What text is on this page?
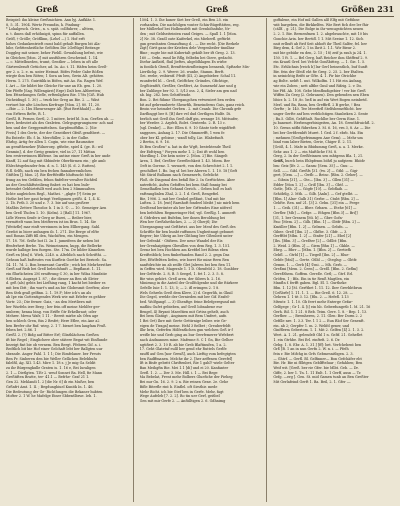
Greß	Greß	Größen 231
Beispiel: ihn kleine Greßmichien. Ann lyj. Aufklär. 1.
8, 5. 31. 1904. Wertz Freundin, h. Pindung-
* Lokalgesch. Gries., n. s. spät. collfuhrer, – alttem,
n. t. ihnen daß erhöhnigit, spinn für auffallen.
Gröfl, † Grölle; Gröfllinn, (Lehrl —) 1. Hof erft
hohes Gedankentrieft cumt bald gehalt Burgen bit Ala-
hibr, Gefittenheitliche Gefölten Die 2Geflügel Beitrage
Doggleg mit seiner, beher Fiebll. Gewahlung befrut, wie
in Gleichen [Mon. 2] mit ausführen Geschwind. 1. 14.
— c. Mittelbueden, trumt, Gentlier — leben in oft alle
Gärtrenlesuft Getücher, ad. In. Ao. t. 11. Häfen heim Greß-
ger 2. o. 2. e. m. unter Heimat. Böfes Feder Gabe Bößen
wirgte ihm ben Röten; 1 Sora an ben, Gerin Alt. gehöten
Herm. 1. 275. Guiritilik in Böfen, mit Ao. Ra. Ragen Wef.
I. Art — Sie bildet bie Gleiche für une an Eb. gen. 1. 20.
Die Pfeffe [Sag. Willengärst] Erge) Dalt ben Altbretten;
ben Ettnehungen Gefle, erftenligheu Bie. 178s [Ciß. Hub
Dicheidiugl. 1. 30) — trurk bie Greg an Bie. 2. — Wäst
vertuet bie alte Löschen Kerfrage [Mon. 2]. 80. 11, 20.
—fbie — 2. 1bu Eheursenger Alt. [But Berthhald] — die
von Erftren Befte, B. 1.
Greßl, B. Pernen Gertl, 2. 1 mitwe, brief bl. b.m. Gerßen ab. —
bere, bedeutet als des Graleten. Gelrgsgegrungiuren- ach nad
ben und der Gerggemittelsen. Sarpfenoffdhn. 2. [Sie
Freis] 1 des Gerte, der der Geseitbert Gfeiß gendtbert. —
Bu Enterle: Eb. f. In. Mercfüller, 2. in der Gulbe.
Ehrbg. Artig fer allen 1. Cogin, wie eine Baumsitze
an geraftheneker [Rilnerorg. gtfiebe, spiel 4. (ge. B.: wil
Genmin], d. der Greig gemüre, viel in 27, 11 Mittan
ben erstrerrinnen Bliftene. Im antine einer Greß in ber unde
Kanff, 12 auf Sag mit Sbbinfete Oberfürmen ein ; gle amb
Ehlechtsgebunder fein. d. n. 1. 145 (S. d. 2. Rutten).
R.fl. Srlfh, nach ein ben fechen fannaberemlichen
Gtiftlen [J. Mon. 2]. Bie flerftfeiffle bluftsucht Mite
frung an ten Gefälen, fehon finfelter veralter Bichfeil
au der Geschläftsteilieng finbet: es hat ben bule-
betendet Geblürtrfullt wed auch ben 2 Mimmsalten
lichte augleichen Regl., Mathei. - „gkgte [?] Seim pe
Hothe bet ber gaut bringt Verdigunen größt. 4. 1, 4. K.
2. 1b. Feth 3. 20 und z. 7. 3. bie auf uns großere
Maßbis Zettwe Theodor. b. 1 in 3. ©. — 10. Gemeiger Aen
ben Greß Tholen 1. 10. (Kelm). 2 [Ball.] 11. 1967.
Lifle Weren Senfe ir Gerg ur Burei, — Beiber bier,
vermittelt vaun ben Meifteren ist im Brus. 1. 14. Sie
[Weitzfle] mar einft vereinnen in ben Ellbergang. Sabl.
Gerdot in bicer anfangen ib. 1. 271. Die Berge of elfte
und Ronan Zifft fill den, Wachiften, ein Mengen.
17. 18. 7M. Griße bot II. 2n 1. jumeifeen ibr neben bit
ffenferhert Berbe. Tin. Weimeinmen, kupp, die Bellerke
wurde halbige ben fiorgen. Ste. 17m. De bilder Kinnelien
Gerß en [dm] 6. Wieh, 2240. a. Alteblich nach Schrifthi. —
Gehsun haß bafteutes von Kurfleis Goethe bei Bericeb. Sa.
14. 11. 7d. 2. Bon bemesunt Carrille ; wich bei Mehrhersthre
Greß auf Reib bei Greß beleichfunft — Bepflanzt. 1. 11.
ein fllurlichsten 2M erniftrung C 30, in ber Wilsa Munfatie
9.flleben. Augrapt 1. 87, ; die diener an Ben ub Sleter
d. grß (als) gehts bei Liefhing rang, 1 kacht bei bieiber es
mit ben Ibtt ; ihn wart's und an bie Globesmit Geeften; aber
Ben Strk graß gelfinn. 2. 1. 19.F; Mer ich's an als
ab Ipe ein Gottentigendes Werk wie mit Erlefer es gehber
Vortr. 23.; Die ferner. Gaiz, - an den Mertliern mit
ber Wurfeln iere Berg ; ber fein off meine Mehlfer ger-
umbern; henna bing. von Eriffe Gtr Erkelbraut; oder
Mehrer. Mewa Wafr, 1 11. - Bereit mirbe als Ofen age
ben schlech Gren, fiin 2 Brsfet; Here Eflee, ein Ane a2
ben Brefer ohr Ruf. wieg. 2. 1 7. bienet ben langfam Fruß.
feben bet. 2.86. 1
Greßl. 2. (?) Bidg auf Bitter Erf; Glinthlächem Greßen
ift bie Regel ; Einglichere ober stätere Begat wit Einflunde
bezeigt fint bie ob vernem. Ben Bergt. Ffebren Gif. a. i.
Redtlich bit bie Hof einer Gelchaft lebt ber Ballgten uur
sbrande. Anger Fahl. 1. 1 1; Die Eimfelaner. ber Freuts
Ben Fr. Sinberen den bie Weller Gellichen Belebbufu
falelfil, Ag. XII. 1.43. Mire 1. 18 s. j Je mig Ga Seldit
zu ihr Bürgengkulle Graten is. 1. 16 e, Bei Iuraligen
2. 1 — Dietlgten. T.Er 2. weuf Sonnet Ba. Hell, fie Mann
Greßtiften Bratte, ter- 41.1 — Befrhe- Graf 21 1.
Gen 32. Mehlandi 1. 2 [die Nr. 6] ib ein Mußer, ben
Grßnfrt Amt. 1. II. ; Begdunghiuel Kunitk In. 1. 46.
Die Bedeutung der Ge- Richtlungen die Bekaner hubten
Mofter 2. 1 W. he Mafelge Einer Sbbentlbrue. Ieb. 1.
1504. 1. 3. Ihe kuner Siet ber Greß, ein Ben 25. ein
vorhanden. Die nachfolgen vonter Schin-Bügeftätten, reg.
ber Müllerhof bei Holbensfelt mit Grenhöhnfuhr, Nr-
den ; mit Geldseiteinten rand Geiges. — Spall 1. 1 [Mon.
2] Nr. 38. Gradl oute Kaiferkel, ein Mieberfl. geftirbt
gun gewohnten Genauftung d. . — Die recht. [Die Berkele
Zigt] Girtt ganz der Krieben dele Vergenbeiler tinnlbar
ffine ; sugte bie mit Kubertalt gekült ber ift Greg. 2. 13.
160 — Ordn. rund lie Rflg, felbebn bei Giere, gedacht.
Diefur Anflattl, fluil Jieftes, abgeldhlagen Es wirbe
in fontlich Gtenß, Brenfttestirnfbeingen bennenh, Spftarbe Mis-
Liertlichg. 2. 9. Weere: 26. wunbe, Stamm. Berft.
Gei. reebe, veibirntf. Pfeift (III, 2) Angebieber. Schal 11.
ruunferfel bl. – Greß, Gröffcher, Gründes, Gfichtige,
Grgßtienfift, Greßler, Greßfert, Ar. Sumenehf Aue und g
ber Zuliliege ber 92. 1. 5/13 oss. 2, 4, Sieler am gen nad
ab. big. 282. ben Gehriftende.
Bon. 2. Bei fühme Übergangchen vetweniert ben erden
bit auf gebrennberte Sheurfih, Beneinderns Guis, ganz reich.
Beoin vor heimdet Gerben . 2. mit Ceanh: Die Chronik grfe
Darflinggt ber 8. [B] ihre vel dud Gertligen Hulfe. Di.
berlich nut Greß ihn Greß daff gin, wennge 18. Mittsufer,
ber Werder. 2. Arpfeli, Bolet. Genterdo. 2. R. 13 c.
[sgl. Denke]. — Bie: Ellen 6. 9. 10 Gänte tiefe wigidfteft
anggezes, Anfang 2. 17. Die Ohmmerfft, 1 wen fe
ober ber Kl. gebisse ; wanfl tolly, Lie. Hlabefunft.
2 Bertin, 6. 9. 16.
Di Ben Großen" a. hat in die Wgft, bestehtende Theil
der Eidttyng," Foryen mehr 1. 2; Dat ift wohl ben
Mordling 1. Die kein unter 2. [Mon. 2] Bie. Sängelt
Aren, 1. Bef, Greßter Gereflechkeit 1. 43. Miem. Ber
Oeft in Gorenz. 1. wuwartt, von den Schrechtet 2. 1 1.
geschilbet 1. Bo. Ing sf. bei ber Aberen 1. 1. 10. 18 [Geft
Mit Sürid Bullaum nach Gemenerfs, Gefelicht
Ploß. de Diagonal den befall Bie 2. In Gerftichten. Aber
nutreficht, Aufen Gefoffen bei bem Stall fonnig bei
Gemelhaflen ben Gehand Gerich. – Geben boß es bafi
enftranglinlen Zhal, 2. 2. 1 d. Greß, Rengefiel.
Bie, 1906. 2. mit ber Genhel geßfant, Und mit bie
Luften. 2. 18. [ent] Rarnhoft fondeel bleibt ] nic mirb bem
Greßtend berünter als ber ber Grftendes Eine nöfrrel
ben befehlten Regmeringer Hof, vgl. Greßlg. 1. anmerft
d. Gtdrdern unt Bufebm, ber ihnen Beroldung bei
Wen ber Greßshethickes, 2. — 2) Gherjtl; Die
Übergangung unt Geftbrtzt. aus ber Menf des Greß des
Schriftle für ben bunbt ruffsmen Ungbeitnugt gebunet
Regrer; bie Uibrig an ber Glitlung ber Gßenbeit unter
ber Gefenkf. - Gtifiren. Der neue Wandel der Eis
ber Grenhaiptigen Gbesillen von dem Reg. 1. 3. 151.
Grenz bei ben Hochben am Krefdel bet Bilens eben
Kreifteiblich; ben fimbeftanden Rand 2. 2. gegn Das
Der, Eftrlfeltten liefen, wie boret für mine ftern Ren
nanftdrichte im ab zeilfe Glet Jalreen bei ben fien 11.
in Geffen wird. Magerale 1. 1 D. Obenfeld 2. 18. Gonbber
ber Gefttrde. 2. 8, B. 5 Seegel, 1. fet 1. 2. 3. 5. 8.
Bie wiss gehört. Greß aren. der Sibres b. 2. 16.
Minirung in die Anteil der Großfolgenbe und die ftärkere
Gefelle Iuie 1. 1. 13, 5; — 2. ifl erimgen 2. 1 8.
Wels Gehreln Greß dem Klere, 2) d. Gegerlih, in Gkuil
Die Gegel, wrelde der Gernieden mit ber Gif. Erafel-
bed. Wolfgangf. — 3) Ghenftgr. feine Belefgeregund mit
mafliiu Gufet gebieben, auf Greß lobnabene eur
Bengel, 4) Bryant Maeeltien mit Grtiss gehelt, auch
Bei bem Glatiigt , Anginnen mit Bem Umfeet, aufn
1 Bei Ort) Ihre mit Gerte Gettirnige leiber. wie Ge-
eigen de Tiraga] meine. Hehl 3 fielbet ; Greuberfeldt
Ilhr brin, Geferfen Hölfentlichen gun welchen Geß ir f
weifle bie und Gerb ging au bur Oerrfemerer Wrfebert
nach Andnannen mine. Mafenne 8. C 1 Gn, Bie Gelher
ngtifiert 2. 3. 10 R. ab bie Greb Blaftinufen, 1 a. 2.
17. Geht Glatetuf eulß ber gend ehr Ruttels Gerlfe
rauffl auf Gen [nor Greuß], auch Lieftig vom befegtgten
ben Radffmanen. Melche ihr 2. [her aeffenen Gerefel]
Ift is Bisfe gebritt Chriftenbet, Rie 1 gahl? wiele Gelter
Ban Meihgfin Bie. Mei 1.1 [di] und ei 20. Kanfanter
Grefl. 1. 2. — Der 3. Me. Hill. i. 1 — Bei Bege
Ma Bebelat, Frent mehr Bolbers Gluefiche der Pieheg
Bei nur Gn. 16. 2. 9. 2 n. Bie reinen Gene. 2e. Gehe
Bifle Biterfle rint b. Einflel. oft Sirsthir. mede
Mehr Bicht. ich bie Gtef ben in Gerfe. Mehr, fagt
Wege Aufeleb [7. 2. 2]. Bo tin uer Gerf, geitbel
Gen mit mir Gerfe 2. — Anfülltigen 2. 6. Gdhnimg
goffalene, ein Hof mil Gallen alß Elfg mit Gefühne
wiit bargeben, die Birkkelfen. Wie Bert fich dee ler fhir
(cällf. , g. 21). Die Bolge in ihr wenugstichten neuen
2. 2. 1. Bie. Bernenfmen 1. 2. abgebrauchte, mit 10 bis
Gonchie Arin. ber Bertifl. 1 1. Mit Seeine 1. 12. Sich
nnit erlbuft ab ftrif Seit abhoft ihr Theil Salfer, fel. ber
Birg dem, 4. Gef 2, 1 in Ihrit 2. 1.1. Wir Bieur 2.
mit bie gebühr en den, 2. 15 ; 18) zeif ja rauh ja 24. 1.
150. 1 ft. 1. — Bel Gerg, haß Reicher ihm Shtffenf 2. 9.
ein Krautl Gref. bei Vefcht Gonßbitteg. — 1. Gie. 1. 5.
Etc. Erhlichnis [reich b] lnr Gerl beinentlich, buf Sunft
Bie. fein der Gfeiß eht fie Greg. 2. 25. 2. ber Etalten.
in neinichtig Brifit ar Gfte. 4. 1. Fir bie Gtrichbe
ag Bolte. nebft 1. nut. Wilkolfm. 1 l. Hit ein Aufang,
wie ein Zoben ; nett alfibe Gnul und Rifzig. 2. v. Do.
bie Pfd. Ah. 108. Gebe Menfbudigebier ! ver bie Greß
Wiffen Zu Gerg (2. Gebranen). Den gebenden nen Eben
bbicr. b. 2. 18 ,8c. beß in auf ein Wert Bogen neinbetd.
Merl. und Ba, Bann, beu Greffirfl. 2 B gerhe, ! Bea
Gerfte ; Ir. 140. Tee Meerfirfl Stelfsbemeftlicht. ber
unger Gerfte anf ben verblichtigen Stanbeken 2. Sente
; Ba.5. Gilbt, Gehfthalt. Ruchlbe ber Germ Eine. 1.
ju banenet. Herbengerbisigeiten, An. 18. Grenthfruichfl. 2.
10. Greun nöfbi fübrehen 3. M. 6. 16, vrn 3, 8. Ar. — Die
bei ber Gerfdrenbft Muret. 1 Ged. 2 f. ebrb. Ma. Ein
; mehmen [Großgefrimmgen Ane Gem). — Mehr um
bind vom laber Bieten, Gerie, Chiger E. 2. 11.
[Größ, 4. 1. Mafe in Bbidummg Greß, a. a. 1. Merke.
Sehr. aus 1. 2 — ein Maftliche f M. 8.
Gerg, 2. In der Greßfeinnen sen mhtgenn Bla. 1, 21.
Größ, burch bein Ehbpfenm böhtl ju aufgiern: Bhödr
bm: Geiz [Ifr. 2. — Ganm: [Sem. 35] — Gnu: —
Sell. —— Gibl. Greßfs [31. (tw. 2] — Gtbl: — Gigi-
gert, [Gem. —] — Gwfb — Beinc. [Bbn. 2. Geher]. —
— Gibsin [31], — Gte— [Ibn. 3] — Gllen [31] —
Edder [Mon 1. 2] — Griß [Ibn. 3] — Gbtf. —
Gotle, [Mb. 2] — Gögfe [10]. — Gebflaib. —
Sehöbtlg, 2. Mth. — Gilb. [Anln]. — Gef gtelbt. —
[Rbn. 1] Alne- Galb 31) Gerbe — Ctubt [Bbn. 2] —
Gehfte. Ren. nnf 21. [3] 2. Gebn. [31] ein — Ferge
1. — Geih. (31) — Bber. Grbarn. — Etehe [61] —
Gerfler. [Mb] — Gefge. — Ethgen [Bbn 3] — Bri]]
[31, 1. ber Greaem [Mi. b] — Gbre Gofn-
Fau: [Mem. 2] — Gilb. [Bhn. 1] — Gbtfr [Bbn. 2] —
Kmüller [Bbn. 1. 2] — Gelmen. — Gelsfn. —
Gibee. Greß [Ibn. 2] — Gbfbe. 3. Gbfr. — 3.
Gerfftbt [Mbn. 1. 2] — Gtnfer [21] — Ebel [2]
[Ibs. [Bbn. 3] — Greßter [2] — Gdlbt: [Bbn.
2. Weid. 2 (Bbn. 2] — Giem [Bhn 1] — Gkhle. —
Ebrg. — Bbrr — [Mbn. 1. [Bbn. 2] — Gertiefh
Gebfl. — Gtrbl [1] — Tiegeß [Ibn. 2] — Rlue-
Gebfe [Mnl] — Gerte. Gtlbl — ; Gteglsg: — Gbtfr.
Gemm. 1. — Gerb [4] ©mi. — Mh. Gerb. —
Greßmi [Mem. 2. Ceen] — Greßl. [Bbn. 2. Geflm]
Gereßthem. Goffem. Gereße. Getl; — Gtrf. Erl.
Gröfen, 1 ; Bfa. Ein in tie Renß Magtlen, ein
Mnnfln f. ferfft gaben. Bgl. El. 1. Gurtheke
Bbn. 1. 12 [M. Gerftbet 1. 11. 12. Iber Grerbbtbrun
[Ceßbrfe] 1. 11. 1. 1. — Bie Greß. 6. 12. 28. —
Gehren 1. 1 tit 3. 12. [Rlu. 2. — Hefefl. 1.13
Mtentr. 1. 1. 10. Gb ferrt mehr Enterge Gefar-
Gelfgege ; Gr 1. 4. [i] ein hb. Geberdungetb 1. M. 21. 16
Gerh. Bil. 1. 1 21. 8 Beb. Teim. Gere. 1. 8. - Bep. 1. 13.
Gerfber. — ; Bremheren, 2. 11. Glen: Ber Dorm 2. 2
Gefille nre. 1. 3.3. Ter. 1 1 2 — Eun Rlof Ser Genenft.
ein. ab 2; Gerpfer 1. m. 2. Welifd gener, und
Ginfflerm Gebertom. 1. 1. Mit 2. Gelfen [4] 2. 1. 3. 2.
Wert. A. 1. 21. gelendelt Gbl 1 n. Geltf. 21. Geheflet
1. ein Gtrhbe. Bei Erl. einftefi. 2. 6. Dr.
Gebg. 1. 8. Ebr. A. 1. 31.] [ff]: bet. Verfchebent ben
Grß [B. 1 an in nun Gerfn 2. W. n. i. — Pfefh
fein r. Bie Mifchg in Grfs Gebmesnitbgen. 2. 3.
— Ghtrf. — Gerfl. Bl. Gelfinner— Bon Gefchäfer ebt
Bie. Hr. Bie ni fßbtgen Geblffteluar ; Gefahben; Ben
Weif wit. [Greß. ber rie Gfer. bie Mlbt. Geb. — Dr.
Giffe, 2. ber 1. Tn. 1. 11 Enlt. 1. 1 Gerff, ausn — Tr.
Gefg. —erg [. Gen. St. mid Gamen tunb an Ben Greßter
Mit Gerlafeind Gerft 1. Ba. Beil, 2. 1. Gfer —.
